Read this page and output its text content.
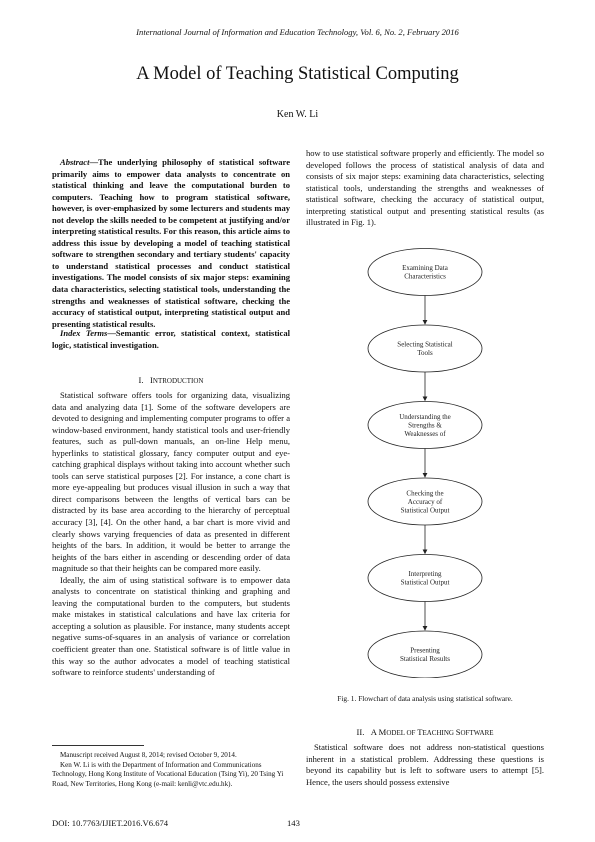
International Journal of Information and Education Technology, Vol. 6, No. 2, February 2016
A Model of Teaching Statistical Computing
Ken W. Li
Abstract—The underlying philosophy of statistical software primarily aims to empower data analysts to concentrate on statistical thinking and leave the computational burden to computers. Teaching how to program statistical software, however, is over-emphasized by some lecturers and students may not develop the skills needed to be competent at justifying and/or interpreting statistical results. For this reason, this article aims to address this issue by developing a model of teaching statistical software to strengthen secondary and tertiary students' capacity to understand statistical processes and conduct statistical investigations. The model consists of six major steps: examining data characteristics, selecting statistical tools, understanding the strengths and weaknesses of statistical software, checking the accuracy of statistical output, interpreting statistical output and presenting statistical results.
Index Terms—Semantic error, statistical context, statistical logic, statistical investigation.
I. INTRODUCTION

Statistical software offers tools for organizing data, visualizing data and analyzing data [1]. Some of the software developers are devoted to designing and implementing computer programs to offer a window-based environment, handy statistical tools and user-friendly features, such as pull-down manuals, an on-line Help menu, hyperlinks to statistical glossary, fancy computer output and eye-catching graphical displays without taking into account whether such tools can serve statistical purposes [2]. For instance, a cone chart is more eye-appealing but produces visual illusion in such a way that direct comparisons between the lengths of vertical bars can be distracted by its base area according to the hierarchy of perceptual accuracy [3], [4]. On the other hand, a bar chart is more vivid and clearly shows varying frequencies of data as presented in different heights of the bars. In addition, it would be better to arrange the heights of the bars either in ascending or descending order of data magnitude so that their heights can be compared more easily.

Ideally, the aim of using statistical software is to empower data analysts to concentrate on statistical thinking and graphing and leaving the computational burden to the computers, but students make mistakes in statistical calculations and have lax criteria for accepting a solution as plausible. For instance, many students accept negative sums-of-squares in an analysis of variance or correlation coefficient greater than one. Statistical software is of little value in this way so the author advocates a model of teaching statistical software to reinforce students' understanding of

Manuscript received August 8, 2014; revised October 9, 2014.

Ken W. Li is with the Department of Information and Communications Technology, Hong Kong Institute of Vocational Education (Tsing Yi), 20 Tsing Yi Road, New Territories, Hong Kong (e-mail: kenli@vtc.edu.hk).

how to use statistical software properly and efficiently. The model so developed follows the process of statistical analysis of data and consists of six major steps: examining data characteristics, selecting statistical tools, understanding the strengths and weaknesses of statistical software, checking the accuracy of statistical output, interpreting statistical output and presenting statistical results (as illustrated in Fig. 1).

Examining Data Characteristics
Selecting Statistical Tools
Understanding the Strengths & Weaknesses of
Checking the Accuracy of Statistical Output
Interpreting Statistical Output
Presenting Statistical Results
Fig. 1. Flowchart of data analysis using statistical software.
II. A MODEL OF TEACHING SOFTWARE

Statistical software does not address non-statistical questions inherent in a statistical problem. Addressing these questions is beyond its capability but is left to software users to attempt [5]. Hence, the users should possess extensive

DOI: 10.7763/IJIET.2016.V6.674	143
